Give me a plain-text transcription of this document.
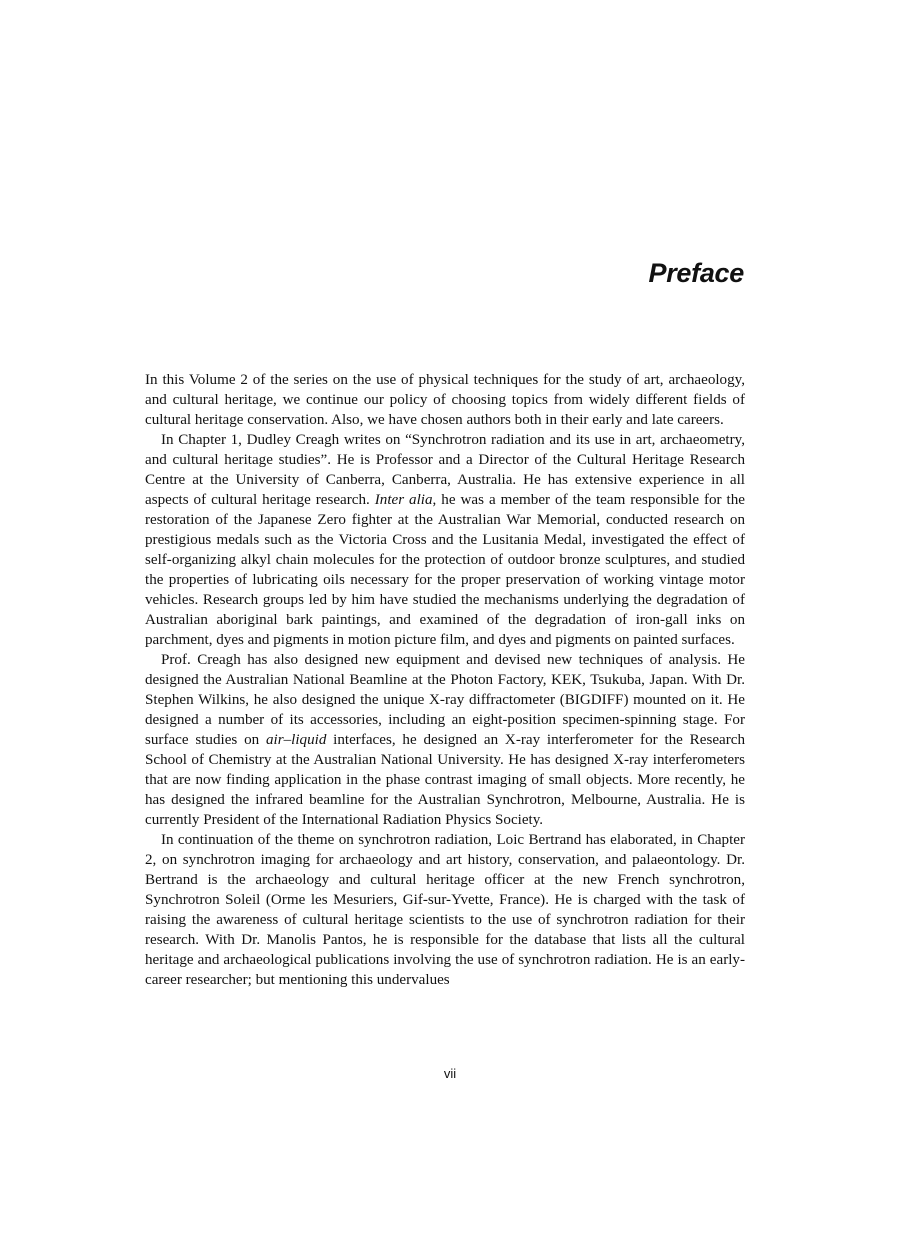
Preface

In this Volume 2 of the series on the use of physical techniques for the study of art, archaeology, and cultural heritage, we continue our policy of choosing topics from widely different fields of cultural heritage conservation. Also, we have chosen authors both in their early and late careers.

In Chapter 1, Dudley Creagh writes on “Synchrotron radiation and its use in art, archaeometry, and cultural heritage studies”. He is Professor and a Director of the Cultural Heritage Research Centre at the University of Canberra, Canberra, Australia. He has extensive experience in all aspects of cultural heritage research. Inter alia, he was a member of the team responsible for the restoration of the Japanese Zero fighter at the Australian War Memorial, conducted research on prestigious medals such as the Victoria Cross and the Lusitania Medal, investigated the effect of self-organizing alkyl chain molecules for the protection of outdoor bronze sculptures, and studied the properties of lubricating oils necessary for the proper preservation of working vintage motor vehicles. Research groups led by him have studied the mechanisms underlying the degradation of Australian aboriginal bark paintings, and examined of the degradation of iron-gall inks on parchment, dyes and pigments in motion picture film, and dyes and pigments on painted surfaces.

Prof. Creagh has also designed new equipment and devised new techniques of analysis. He designed the Australian National Beamline at the Photon Factory, KEK, Tsukuba, Japan. With Dr. Stephen Wilkins, he also designed the unique X-ray diffractometer (BIGDIFF) mounted on it. He designed a number of its accessories, including an eight-position specimen-spinning stage. For surface studies on air–liquid interfaces, he designed an X-ray interferometer for the Research School of Chemistry at the Australian National University. He has designed X-ray interferometers that are now finding application in the phase contrast imaging of small objects. More recently, he has designed the infrared beamline for the Australian Synchrotron, Melbourne, Australia. He is currently President of the International Radiation Physics Society.

In continuation of the theme on synchrotron radiation, Loic Bertrand has elaborated, in Chapter 2, on synchrotron imaging for archaeology and art history, conservation, and palaeontology. Dr. Bertrand is the archaeology and cultural heritage officer at the new French synchrotron, Synchrotron Soleil (Orme les Mesuriers, Gif-sur-Yvette, France). He is charged with the task of raising the awareness of cultural heritage scientists to the use of synchrotron radiation for their research. With Dr. Manolis Pantos, he is responsible for the database that lists all the cultural heritage and archaeological publications involving the use of synchrotron radiation. He is an early-career researcher; but mentioning this undervalues

vii
